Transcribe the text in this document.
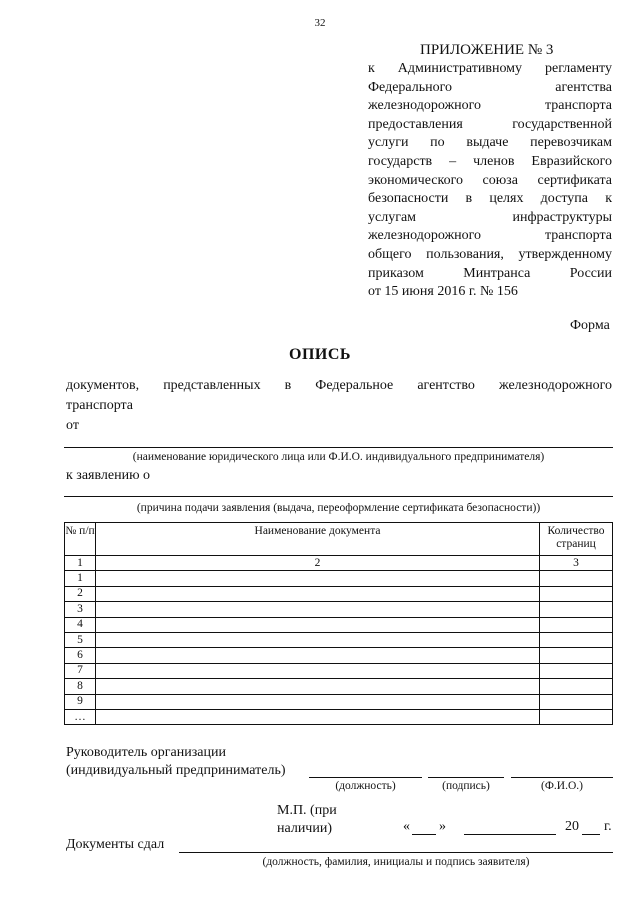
32
ПРИЛОЖЕНИЕ № 3
к Административному регламенту
Федерального агентства
железнодорожного транспорта
предоставления государственной
услуги по выдаче перевозчикам
государств – членов Евразийского
экономического союза сертификата
безопасности в целях доступа к
услугам инфраструктуры
железнодорожного транспорта
общего пользования, утвержденному
приказом Минтранса России
от 15 июня 2016 г. № 156
Форма
ОПИСЬ
документов, представленных в Федеральное агентство железнодорожного
транспорта
от
(наименование юридического лица или Ф.И.О. индивидуального предпринимателя)
к заявлению о
(причина подачи заявления (выдача, переоформление сертификата безопасности))
№ п/п	Наименование документа	Количество страниц
1	2	3
1		
2		
3		
4		
5		
6		
7		
8		
9		
…		
Руководитель организации
(индивидуальный предприниматель)
(должность)	(подпись)	(Ф.И.О.)
М.П. (при
наличии)	« »	20 г.
Документы сдал
(должность, фамилия, инициалы и подпись заявителя)
